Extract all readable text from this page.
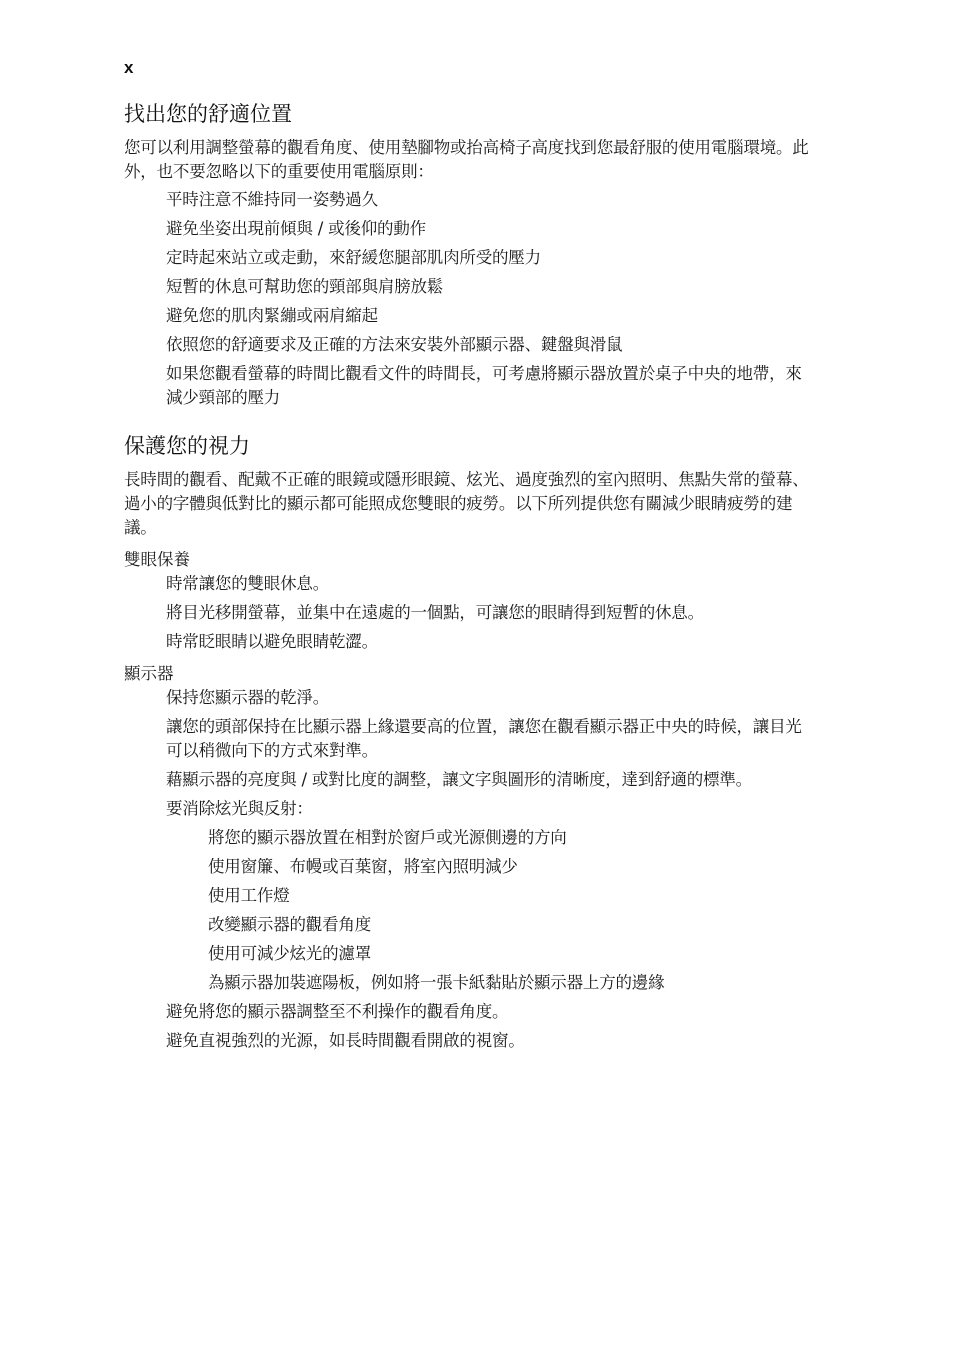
x
找出您的舒適位置

您可以利用調整螢幕的觀看角度、使用墊腳物或抬高椅子高度找到您最舒服的使用電腦環境。此外，也不要忽略以下的重要使用電腦原則：

平時注意不維持同一姿勢過久
避免坐姿出現前傾與 / 或後仰的動作
定時起來站立或走動，來舒緩您腿部肌肉所受的壓力
短暫的休息可幫助您的頸部與肩膀放鬆
避免您的肌肉緊繃或兩肩縮起
依照您的舒適要求及正確的方法來安裝外部顯示器、鍵盤與滑鼠
如果您觀看螢幕的時間比觀看文件的時間長，可考慮將顯示器放置於桌子中央的地帶，來減少頸部的壓力
保護您的視力

長時間的觀看、配戴不正確的眼鏡或隱形眼鏡、炫光、過度強烈的室內照明、焦點失常的螢幕、過小的字體與低對比的顯示都可能照成您雙眼的疲勞。以下所列提供您有關減少眼睛疲勞的建議。

雙眼保養
時常讓您的雙眼休息。
將目光移開螢幕，並集中在遠處的一個點，可讓您的眼睛得到短暫的休息。
時常眨眼睛以避免眼睛乾澀。
顯示器
保持您顯示器的乾淨。
讓您的頭部保持在比顯示器上緣還要高的位置，讓您在觀看顯示器正中央的時候，讓目光可以稍微向下的方式來對準。
藉顯示器的亮度與 / 或對比度的調整，讓文字與圖形的清晰度，達到舒適的標準。
要消除炫光與反射：
將您的顯示器放置在相對於窗戶或光源側邊的方向
使用窗簾、布幔或百葉窗，將室內照明減少
使用工作燈
改變顯示器的觀看角度
使用可減少炫光的濾罩
為顯示器加裝遮陽板，例如將一張卡紙黏貼於顯示器上方的邊緣
避免將您的顯示器調整至不利操作的觀看角度。
避免直視強烈的光源，如長時間觀看開啟的視窗。
